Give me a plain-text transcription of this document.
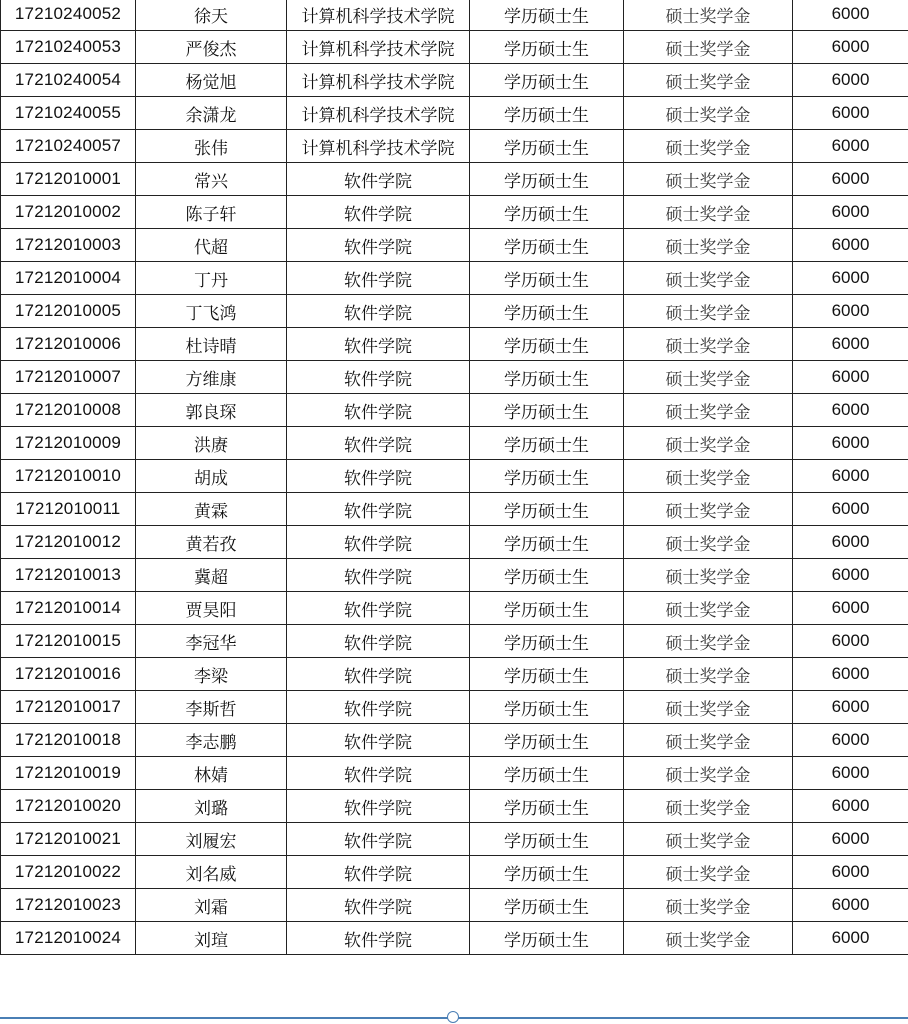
17210240052	徐天	计算机科学技术学院	学历硕士生	硕士奖学金	6000
17210240053	严俊杰	计算机科学技术学院	学历硕士生	硕士奖学金	6000
17210240054	杨觉旭	计算机科学技术学院	学历硕士生	硕士奖学金	6000
17210240055	余潇龙	计算机科学技术学院	学历硕士生	硕士奖学金	6000
17210240057	张伟	计算机科学技术学院	学历硕士生	硕士奖学金	6000
17212010001	常兴	软件学院	学历硕士生	硕士奖学金	6000
17212010002	陈子轩	软件学院	学历硕士生	硕士奖学金	6000
17212010003	代超	软件学院	学历硕士生	硕士奖学金	6000
17212010004	丁丹	软件学院	学历硕士生	硕士奖学金	6000
17212010005	丁飞鸿	软件学院	学历硕士生	硕士奖学金	6000
17212010006	杜诗晴	软件学院	学历硕士生	硕士奖学金	6000
17212010007	方维康	软件学院	学历硕士生	硕士奖学金	6000
17212010008	郭良琛	软件学院	学历硕士生	硕士奖学金	6000
17212010009	洪赓	软件学院	学历硕士生	硕士奖学金	6000
17212010010	胡成	软件学院	学历硕士生	硕士奖学金	6000
17212010011	黄霖	软件学院	学历硕士生	硕士奖学金	6000
17212010012	黄若孜	软件学院	学历硕士生	硕士奖学金	6000
17212010013	冀超	软件学院	学历硕士生	硕士奖学金	6000
17212010014	贾昊阳	软件学院	学历硕士生	硕士奖学金	6000
17212010015	李冠华	软件学院	学历硕士生	硕士奖学金	6000
17212010016	李梁	软件学院	学历硕士生	硕士奖学金	6000
17212010017	李斯哲	软件学院	学历硕士生	硕士奖学金	6000
17212010018	李志鹏	软件学院	学历硕士生	硕士奖学金	6000
17212010019	林婧	软件学院	学历硕士生	硕士奖学金	6000
17212010020	刘璐	软件学院	学历硕士生	硕士奖学金	6000
17212010021	刘履宏	软件学院	学历硕士生	硕士奖学金	6000
17212010022	刘名威	软件学院	学历硕士生	硕士奖学金	6000
17212010023	刘霜	软件学院	学历硕士生	硕士奖学金	6000
17212010024	刘瑄	软件学院	学历硕士生	硕士奖学金	6000
